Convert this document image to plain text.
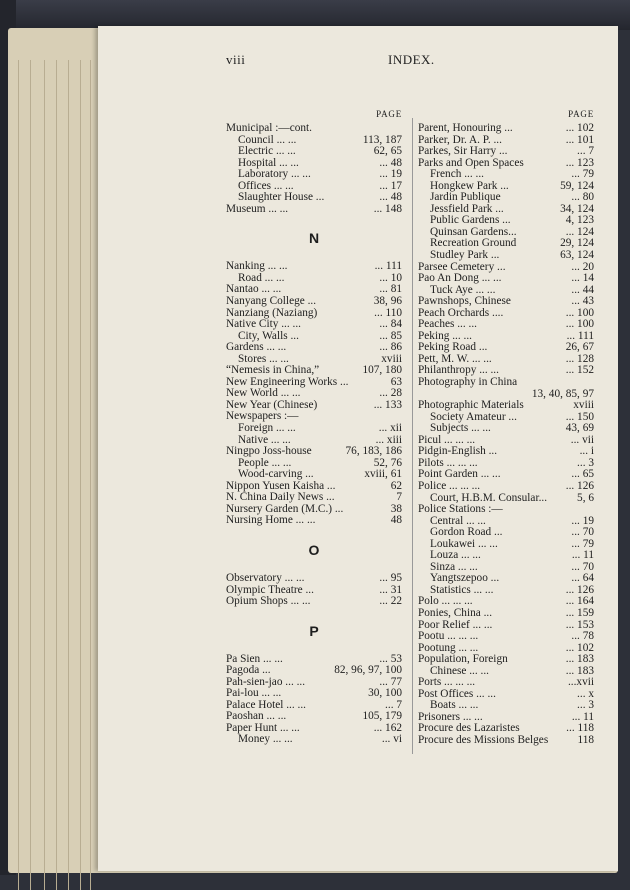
viii	INDEX.
PAGE
Municipal :—cont.
Council ... ...	113, 187
Electric ... ...	62, 65
Hospital ... ...	... 48
Laboratory ... ...	... 19
Offices ... ...	... 17
Slaughter House ...	... 48
Museum ... ...	... 148
N
Nanking ... ...	... 111
Road ... ...	... 10
Nantao ... ...	... 81
Nanyang College ...	38, 96
Nanziang (Naziang)	... 110
Native City ... ...	... 84
City, Walls ...	... 85
Gardens ... ...	... 86
Stores ... ...	xviii
“Nemesis in China,”	107, 180
New Engineering Works ...	63
New World ... ...	... 28
New Year (Chinese)	... 133
Newspapers :—
Foreign ... ...	... xii
Native ... ...	... xiii
Ningpo Joss-house	76, 183, 186
People ... ...	52, 76
Wood-carving ...	xviii, 61
Nippon Yusen Kaisha ...	62
N. China Daily News ...	7
Nursery Garden (M.C.) ...	38
Nursing Home ... ...	48
O
Observatory ... ...	... 95
Olympic Theatre ...	... 31
Opium Shops ... ...	... 22
P
Pa Sien ... ...	... 53
Pagoda ...	82, 96, 97, 100
Pah-sien-jao ... ...	... 77
Pai-lou ... ...	30, 100
Palace Hotel ... ...	... 7
Paoshan ... ...	105, 179
Paper Hunt ... ...	... 162
Money ... ...	... vi
PAGE
Parent, Honouring ...	... 102
Parker, Dr. A. P. ...	... 101
Parkes, Sir Harry ...	... 7
Parks and Open Spaces	... 123
French ... ...	... 79
Hongkew Park ...	59, 124
Jardin Publique	... 80
Jessfield Park ...	34, 124
Public Gardens ...	4, 123
Quinsan Gardens...	... 124
Recreation Ground	29, 124
Studley Park ...	63, 124
Parsee Cemetery ...	... 20
Pao An Dong ... ...	... 14
Tuck Aye ... ...	... 44
Pawnshops, Chinese	... 43
Peach Orchards ....	... 100
Peaches ... ...	... 100
Peking ... ...	... 111
Peking Road ...	26, 67
Pett, M. W. ... ...	... 128
Philanthropy ... ...	... 152
Photography in China
13, 40, 85, 97
Photographic Materials	xviii
Society Amateur ...	... 150
Subjects ... ...	43, 69
Picul ... ... ...	... vii
Pidgin-English ...	... i
Pilots ... ... ...	... 3
Point Garden ... ...	... 65
Police ... ... ...	... 126
Court, H.B.M. Consular...	5, 6
Police Stations :—
Central ... ...	... 19
Gordon Road ...	... 70
Loukawei ... ...	... 79
Louza ... ...	... 11
Sinza ... ...	... 70
Yangtszepoo ...	... 64
Statistics ... ...	... 126
Polo ... ... ...	... 164
Ponies, China ...	... 159
Poor Relief ... ...	... 153
Pootu ... ... ...	... 78
Pootung ... ...	... 102
Population, Foreign	... 183
Chinese ... ...	... 183
Ports ... ... ...	...xvii
Post Offices ... ...	... x
Boats ... ...	... 3
Prisoners ... ...	... 11
Procure des Lazaristes	... 118
Procure des Missions Belges	118
